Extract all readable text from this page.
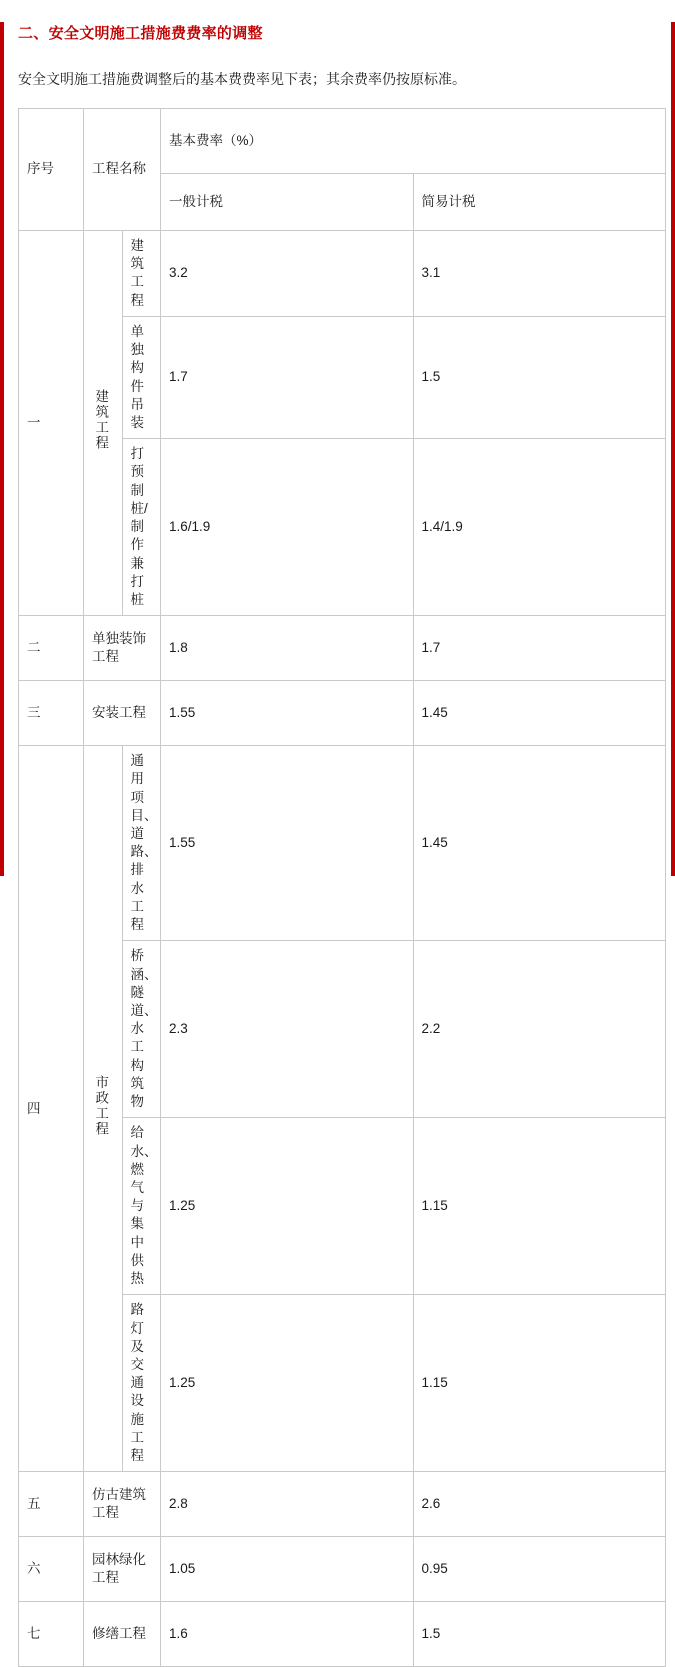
二、安全文明施工措施费费率的调整

安全文明施工措施费调整后的基本费费率见下表；其余费率仍按原标准。

序号	工程名称		基本费率（%）	
			一般计税	简易计税
一	建筑工程	建筑工程	3.2	3.1
		单独构件吊装	1.7	1.5
		打预制桩/制作兼打桩	1.6/1.9	1.4/1.9
二	单独装饰工程		1.8	1.7
三	安装工程		1.55	1.45
四	市政工程	通用项目、道路、排水工程	1.55	1.45
		桥涵、隧道、水工构筑物	2.3	2.2
		给水、燃气与集中供热	1.25	1.15
		路灯及交通设施工程	1.25	1.15
五	仿古建筑工程		2.8	2.6
六	园林绿化工程		1.05	0.95
七	修缮工程		1.6	1.5
